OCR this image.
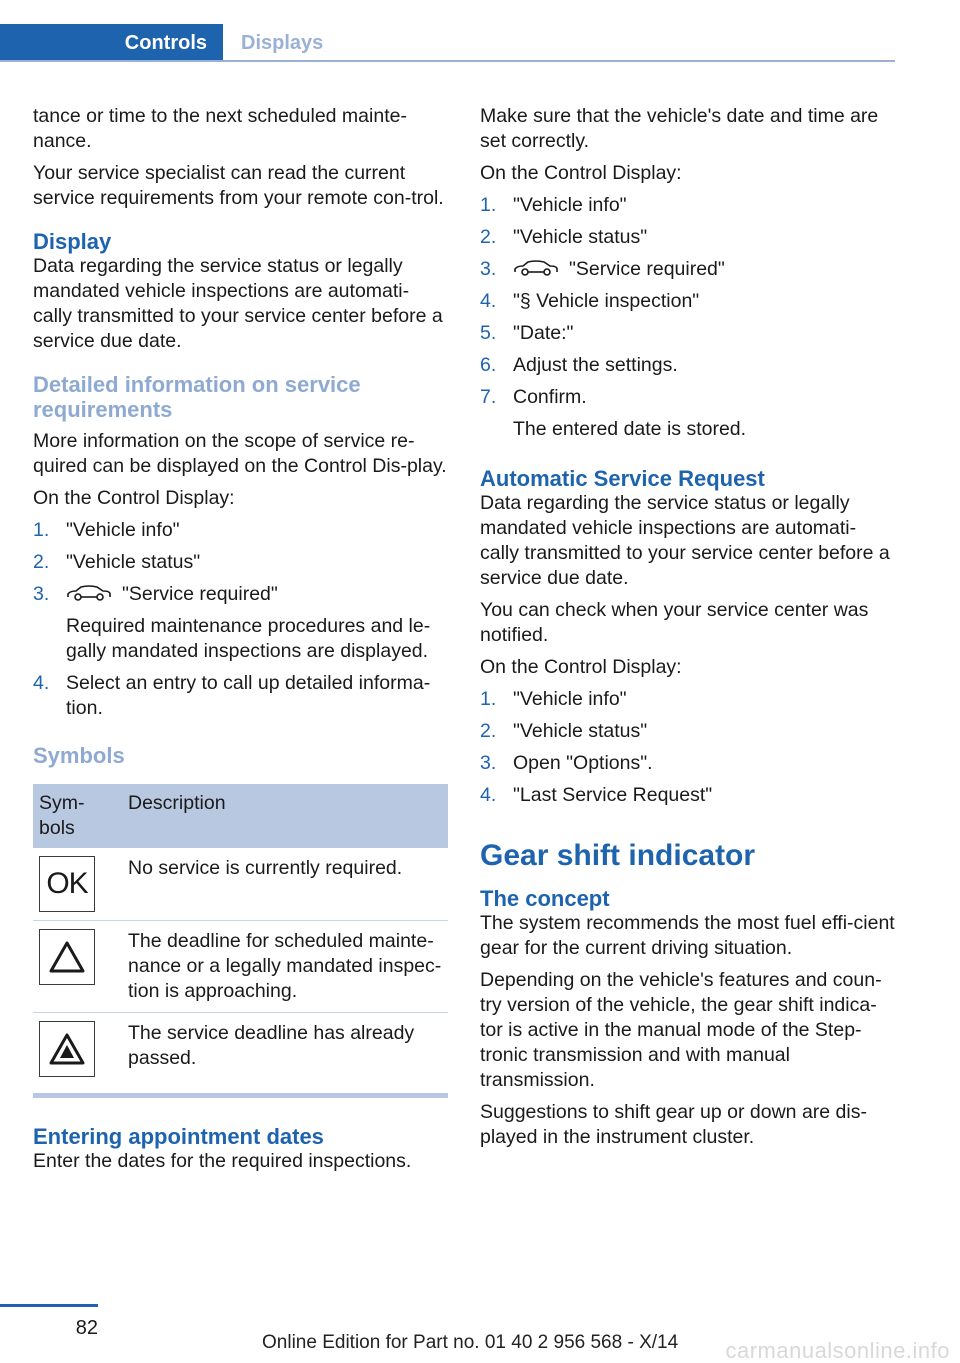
Controls	Displays

tance or time to the next scheduled mainte-nance.

Your service specialist can read the current service requirements from your remote con-trol.

Display

Data regarding the service status or legally mandated vehicle inspections are automati-cally transmitted to your service center before a service due date.

Detailed information on service requirements

More information on the scope of service re-quired can be displayed on the Control Dis-play.

On the Control Display:

1. "Vehicle info"
2. "Vehicle status"
3.	"Service required"
Required maintenance procedures and le-gally mandated inspections are displayed.
4. Select an entry to call up detailed informa-tion.
Symbols
Sym-bols	Description

OK	No service is currently required.

	The deadline for scheduled mainte-nance or a legally mandated inspec-tion is approaching.

	The service deadline has already passed.
Entering appointment dates

Enter the dates for the required inspections.

Make sure that the vehicle's date and time are set correctly.

On the Control Display:

1. "Vehicle info"
2. "Vehicle status"
3.	"Service required"
4. "§ Vehicle inspection"
5. "Date:"
6. Adjust the settings.
7. Confirm.
The entered date is stored.
Automatic Service Request

Data regarding the service status or legally mandated vehicle inspections are automati-cally transmitted to your service center before a service due date.

You can check when your service center was notified.

On the Control Display:

1. "Vehicle info"
2. "Vehicle status"
3. Open "Options".
4. "Last Service Request"
Gear shift indicator
The concept

The system recommends the most fuel effi-cient gear for the current driving situation.

Depending on the vehicle's features and coun-try version of the vehicle, the gear shift indica-tor is active in the manual mode of the Step-tronic transmission and with manual transmission.

Suggestions to shift gear up or down are dis-played in the instrument cluster.

82
Online Edition for Part no. 01 40 2 956 568 - X/14 carmanualsonline.info
